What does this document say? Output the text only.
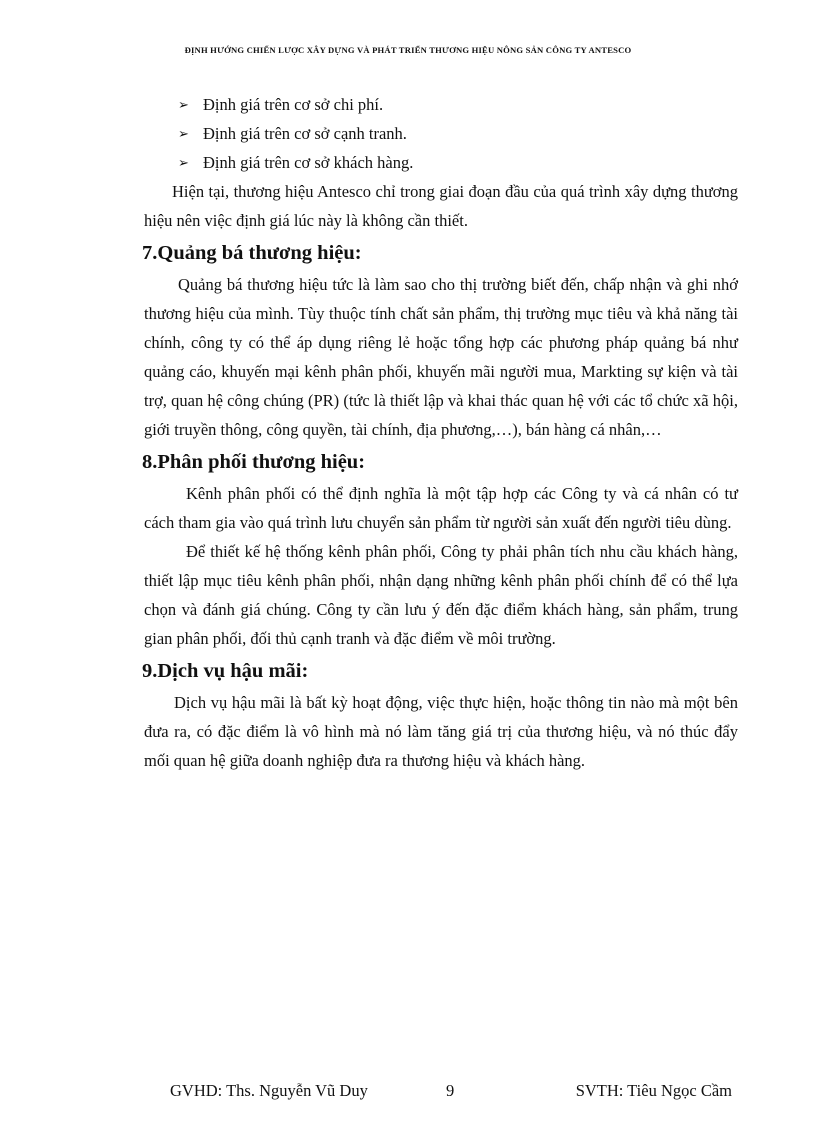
ĐỊNH HƯỚNG CHIẾN LƯỢC XÂY DỰNG VÀ PHÁT TRIỂN THƯƠNG HIỆU NÔNG SẢN CÔNG TY ANTESCO
➢ Định giá trên cơ sở chi phí.
➢ Định giá trên cơ sở cạnh tranh.
➢ Định giá trên cơ sở khách hàng.

Hiện tại, thương hiệu Antesco chỉ trong giai đoạn đầu của quá trình xây dựng thương hiệu nên việc định giá lúc này là không cần thiết.

7.Quảng bá thương hiệu:

Quảng bá thương hiệu tức là làm sao cho thị trường biết đến, chấp nhận và ghi nhớ thương hiệu của mình. Tùy thuộc tính chất sản phẩm, thị trường mục tiêu và khả năng tài chính, công ty có thể áp dụng riêng lẻ hoặc tổng hợp các phương pháp quảng bá như quảng cáo, khuyến mại kênh phân phối, khuyến mãi người mua, Markting sự kiện và tài trợ, quan hệ công chúng (PR) (tức là thiết lập và khai thác quan hệ với các tổ chức xã hội, giới truyền thông, công quyền, tài chính, địa phương,…), bán hàng cá nhân,…

8.Phân phối thương hiệu:

Kênh phân phối có thể định nghĩa là một tập hợp các Công ty và cá nhân có tư cách tham gia vào quá trình lưu chuyển sản phẩm từ người sản xuất đến người tiêu dùng.

Để thiết kế hệ thống kênh phân phối, Công ty phải phân tích nhu cầu khách hàng, thiết lập mục tiêu kênh phân phối, nhận dạng những kênh phân phối chính để có thể lựa chọn và đánh giá chúng. Công ty cần lưu ý đến đặc điểm khách hàng, sản phẩm, trung gian phân phối, đối thủ cạnh tranh và đặc điểm về môi trường.

9.Dịch vụ hậu mãi:

Dịch vụ hậu mãi là bất kỳ hoạt động, việc thực hiện, hoặc thông tin nào mà một bên đưa ra, có đặc điểm là vô hình mà nó làm tăng giá trị của thương hiệu, và nó thúc đẩy mối quan hệ giữa doanh nghiệp đưa ra thương hiệu và khách hàng.

GVHD: Ths. Nguyễn Vũ Duy	9	SVTH: Tiêu Ngọc Cầm
